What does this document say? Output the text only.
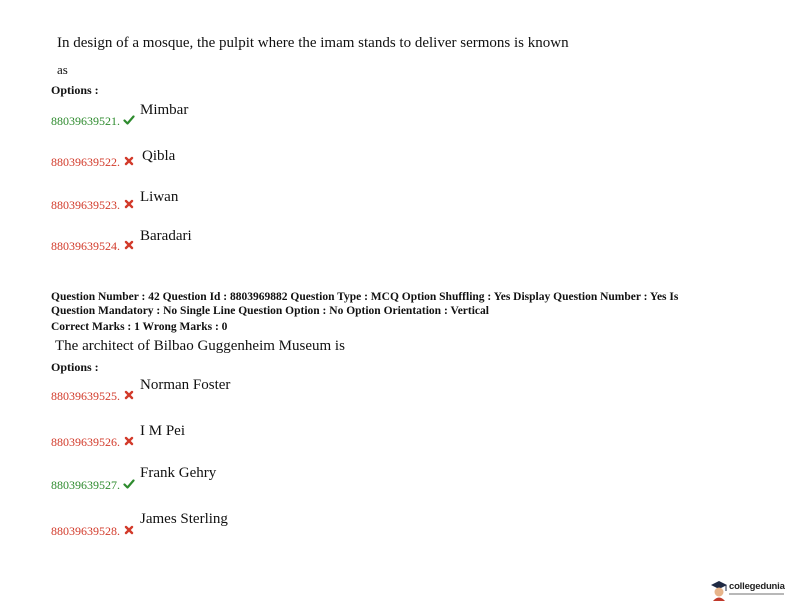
In design of a mosque, the pulpit where the imam stands to deliver sermons is known
as
Options :
88039639521.
Mimbar
88039639522.	Qibla
88039639523.	Liwan
88039639524.
Baradari
Question Number : 42 Question Id : 8803969882 Question Type : MCQ Option Shuffling : Yes Display Question Number : Yes Is
Question Mandatory : No Single Line Question Option : No Option Orientation : Vertical
Correct Marks : 1 Wrong Marks : 0
The architect of Bilbao Guggenheim Museum is
Options :
88039639525.
Norman Foster
88039639526.
I M Pei
88039639527.
Frank Gehry
88039639528.
James Sterling
collegedunia
